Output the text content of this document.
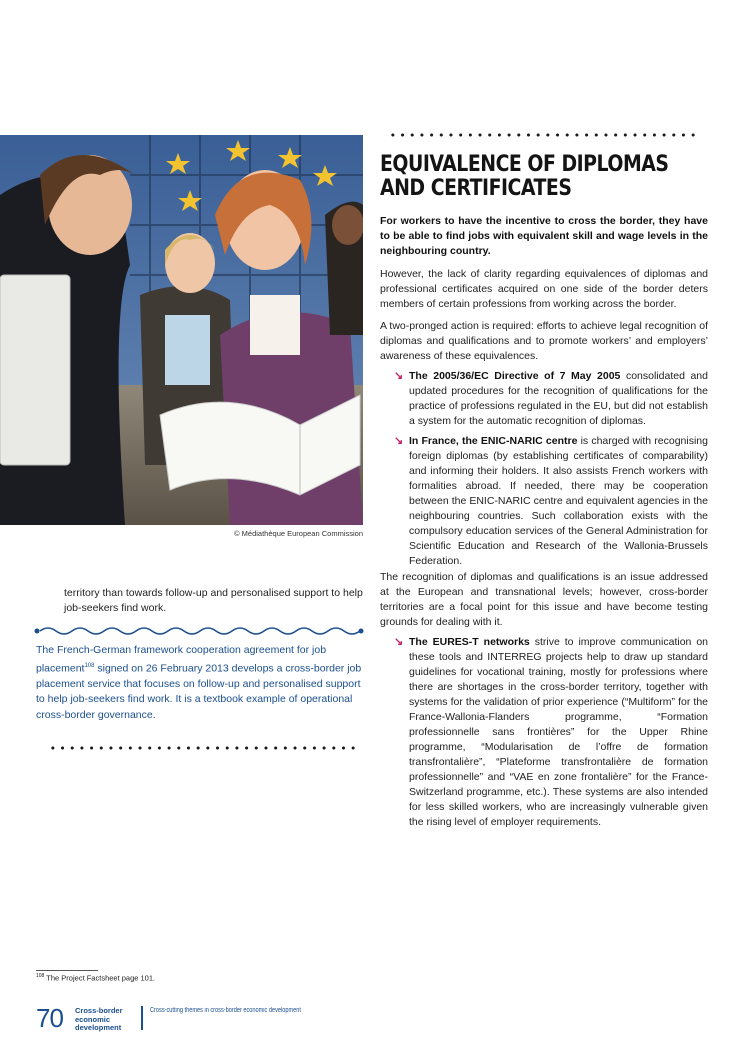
© Médiathèque European Commission
territory than towards follow-up and personalised support to help job-seekers find work.
The French-German framework cooperation agreement for job placement$^{108}$ signed on 26 February 2013 develops a cross-border job placement service that focuses on follow-up and personalised support to help job-seekers find work. It is a textbook example of operational cross-border governance.
EQUIVALENCE OF DIPLOMAS AND CERTIFICATES

For workers to have the incentive to cross the border, they have to be able to find jobs with equivalent skill and wage levels in the neighbouring country.

However, the lack of clarity regarding equivalences of diplomas and professional certificates acquired on one side of the border deters members of certain professions from working across the border.

A two-pronged action is required: efforts to achieve legal recognition of diplomas and qualifications and to promote workers’ and employers’ awareness of these equivalences.

↘ The 2005/36/EC Directive of 7 May 2005 consolidated and updated procedures for the recognition of qualifications for the practice of professions regulated in the EU, but did not establish a system for the automatic recognition of diplomas.
↘ In France, the ENIC-NARIC centre is charged with recognising foreign diplomas (by establishing certificates of comparability) and informing their holders. It also assists French workers with formalities abroad. If needed, there may be cooperation between the ENIC-NARIC centre and equivalent agencies in the neighbouring countries. Such collaboration exists with the compulsory education services of the General Administration for Scientific Education and Research of the Wallonia-Brussels Federation.

The recognition of diplomas and qualifications is an issue addressed at the European and transnational levels; however, cross-border territories are a focal point for this issue and have become testing grounds for dealing with it.

↘ The EURES-T networks strive to improve communication on these tools and INTERREG projects help to draw up standard guidelines for vocational training, mostly for professions where there are shortages in the cross-border territory, together with systems for the validation of prior experience (“Multiform” for the France-Wallonia-Flanders programme, “Formation professionnelle sans frontières” for the Upper Rhine programme, “Modularisation de l’offre de formation transfrontalière”, “Plateforme transfrontalière de formation professionnelle” and “VAE en zone frontalière” for the France-Switzerland programme, etc.). These systems are also intended for less skilled workers, who are increasingly vulnerable given the rising level of employer requirements.
$^{108}$ The Project Factsheet page 101.
70 Cross-border
economic
development
Cross-cutting themes in cross-border economic development
